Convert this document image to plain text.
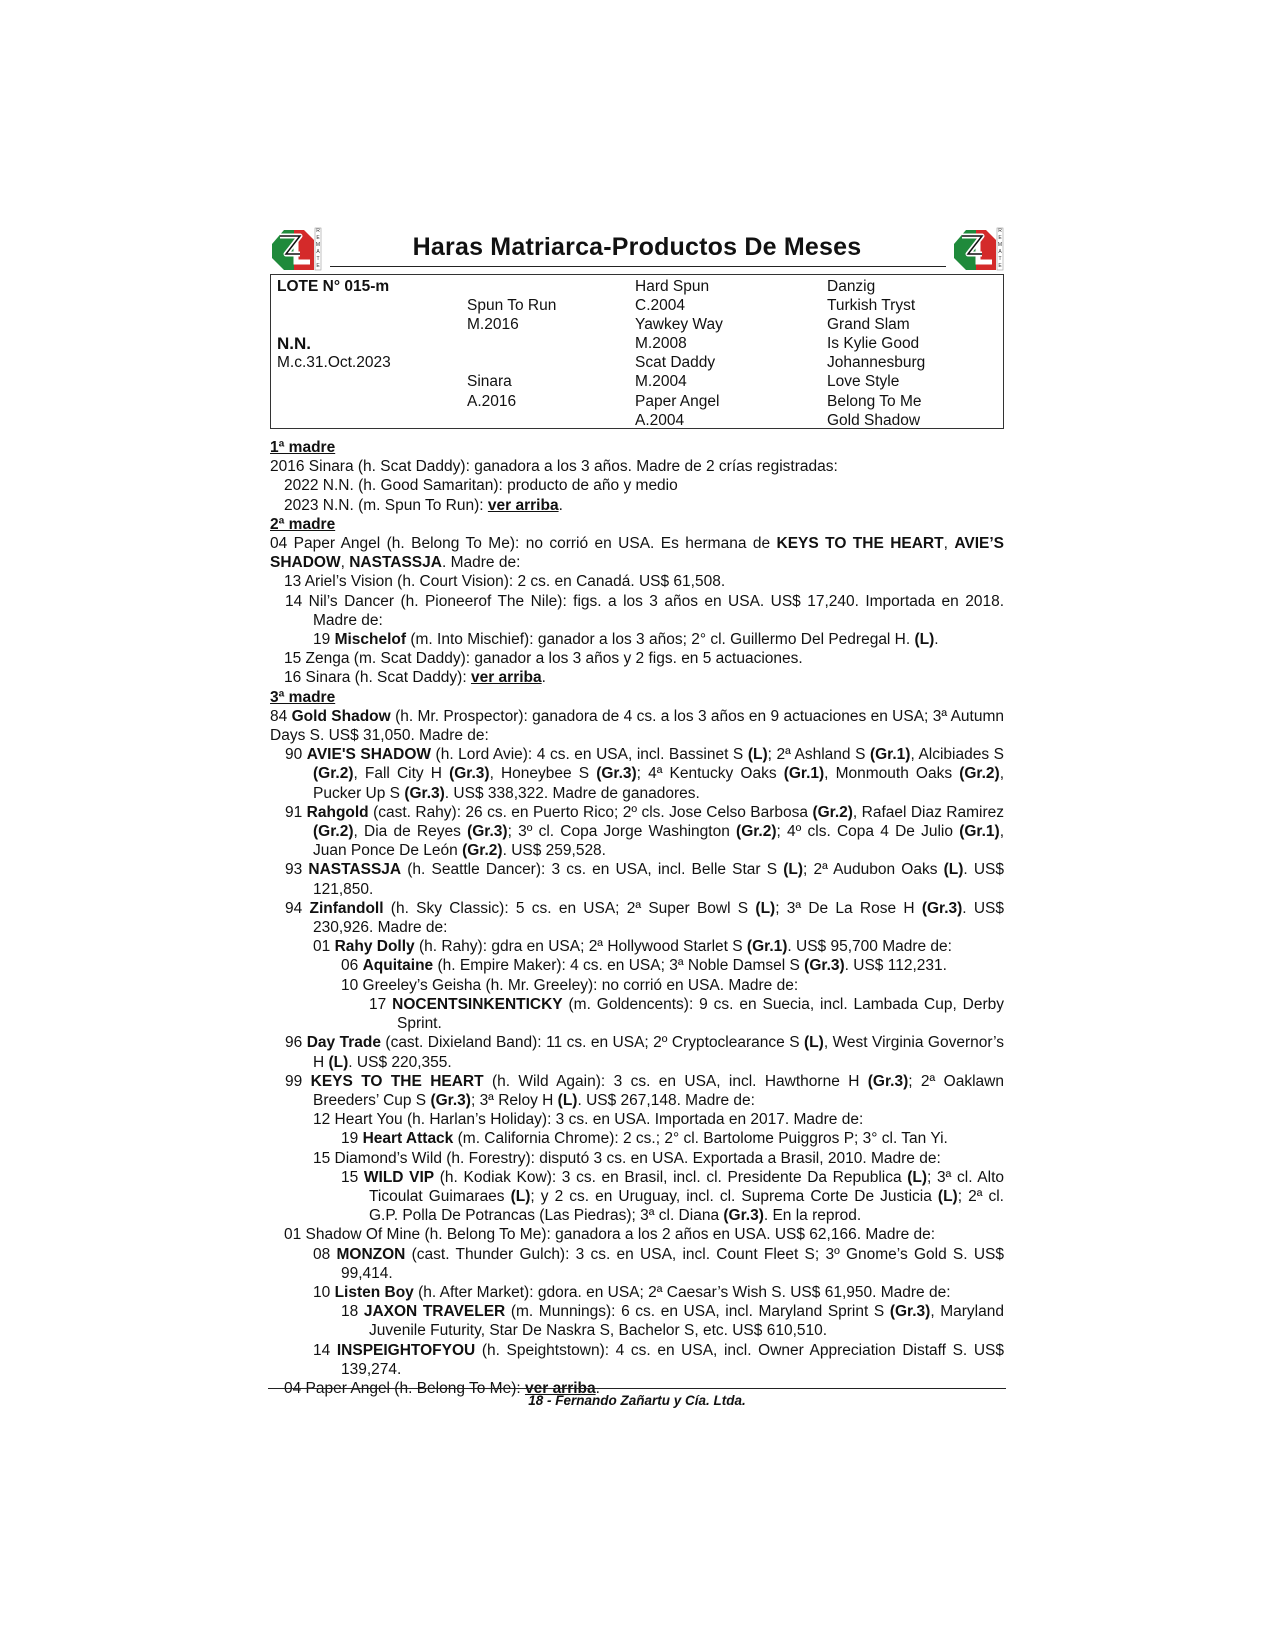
R
E
M
A
T
E
Haras Matriarca-Productos De Meses
R
E
M
A
T
E
LOTE N° 015-m
N.N.
M.c.31.Oct.2023
Spun To Run
M.2016
Sinara
A.2016
Hard Spun
C.2004
Yawkey Way
M.2008
Scat Daddy
M.2004
Paper Angel
A.2004
Danzig
Turkish Tryst
Grand Slam
Is Kylie Good
Johannesburg
Love Style
Belong To Me
Gold Shadow

1ª madre

2016 Sinara (h. Scat Daddy): ganadora a los 3 años. Madre de 2 crías registradas:

2022 N.N. (h. Good Samaritan): producto de año y medio

2023 N.N. (m. Spun To Run): ver arriba.

2ª madre

04 Paper Angel (h. Belong To Me): no corrió en USA. Es hermana de KEYS TO THE HEART, AVIE’S SHADOW, NASTASSJA. Madre de:

13 Ariel’s Vision (h. Court Vision): 2 cs. en Canadá. US$ 61,508.

14 Nil’s Dancer (h. Pioneerof The Nile): figs. a los 3 años en USA. US$ 17,240. Importada en 2018. Madre de:

19 Mischelof (m. Into Mischief): ganador a los 3 años; 2° cl. Guillermo Del Pedregal H. (L).

15 Zenga (m. Scat Daddy): ganador a los 3 años y 2 figs. en 5 actuaciones.

16 Sinara (h. Scat Daddy): ver arriba.

3ª madre

84 Gold Shadow (h. Mr. Prospector): ganadora de 4 cs. a los 3 años en 9 actuaciones en USA; 3ª Autumn Days S. US$ 31,050. Madre de:

90 AVIE'S SHADOW (h. Lord Avie): 4 cs. en USA, incl. Bassinet S (L); 2ª Ashland S (Gr.1), Alcibiades S (Gr.2), Fall City H (Gr.3), Honeybee S (Gr.3); 4ª Kentucky Oaks (Gr.1), Monmouth Oaks (Gr.2), Pucker Up S (Gr.3). US$ 338,322. Madre de ganadores.

91 Rahgold (cast. Rahy): 26 cs. en Puerto Rico; 2º cls. Jose Celso Barbosa (Gr.2), Rafael Diaz Ramirez (Gr.2), Dia de Reyes (Gr.3); 3º cl. Copa Jorge Washington (Gr.2); 4º cls. Copa 4 De Julio (Gr.1), Juan Ponce De León (Gr.2). US$ 259,528.

93 NASTASSJA (h. Seattle Dancer): 3 cs. en USA, incl. Belle Star S (L); 2ª Audubon Oaks (L). US$ 121,850.

94 Zinfandoll (h. Sky Classic): 5 cs. en USA; 2ª Super Bowl S (L); 3ª De La Rose H (Gr.3). US$ 230,926. Madre de:

01 Rahy Dolly (h. Rahy): gdra en USA; 2ª Hollywood Starlet S (Gr.1). US$ 95,700 Madre de:

06 Aquitaine (h. Empire Maker): 4 cs. en USA; 3ª Noble Damsel S (Gr.3). US$ 112,231.

10 Greeley’s Geisha (h. Mr. Greeley): no corrió en USA. Madre de:

17 NOCENTSINKENTICKY (m. Goldencents): 9 cs. en Suecia, incl. Lambada Cup, Derby Sprint.

96 Day Trade (cast. Dixieland Band): 11 cs. en USA; 2º Cryptoclearance S (L), West Virginia Governor’s H (L). US$ 220,355.

99 KEYS TO THE HEART (h. Wild Again): 3 cs. en USA, incl. Hawthorne H (Gr.3); 2ª Oaklawn Breeders’ Cup S (Gr.3); 3ª Reloy H (L). US$ 267,148. Madre de:

12 Heart You (h. Harlan’s Holiday): 3 cs. en USA. Importada en 2017. Madre de:

19 Heart Attack (m. California Chrome): 2 cs.; 2° cl. Bartolome Puiggros P; 3° cl. Tan Yi.

15 Diamond’s Wild (h. Forestry): disputó 3 cs. en USA. Exportada a Brasil, 2010. Madre de:

15 WILD VIP (h. Kodiak Kow): 3 cs. en Brasil, incl. cl. Presidente Da Republica (L); 3ª cl. Alto Ticoulat Guimaraes (L); y 2 cs. en Uruguay, incl. cl. Suprema Corte De Justicia (L); 2ª cl. G.P. Polla De Potrancas (Las Piedras); 3ª cl. Diana (Gr.3). En la reprod.

01 Shadow Of Mine (h. Belong To Me): ganadora a los 2 años en USA. US$ 62,166. Madre de:

08 MONZON (cast. Thunder Gulch): 3 cs. en USA, incl. Count Fleet S; 3º Gnome’s Gold S. US$ 99,414.

10 Listen Boy (h. After Market): gdora. en USA; 2ª Caesar’s Wish S. US$ 61,950. Madre de:

18 JAXON TRAVELER (m. Munnings): 6 cs. en USA, incl. Maryland Sprint S (Gr.3), Maryland Juvenile Futurity, Star De Naskra S, Bachelor S, etc. US$ 610,510.

14 INSPEIGHTOFYOU (h. Speightstown): 4 cs. en USA, incl. Owner Appreciation Distaff S. US$ 139,274.

04 Paper Angel (h. Belong To Me): ver arriba.

18 - Fernando Zañartu y Cía. Ltda.
